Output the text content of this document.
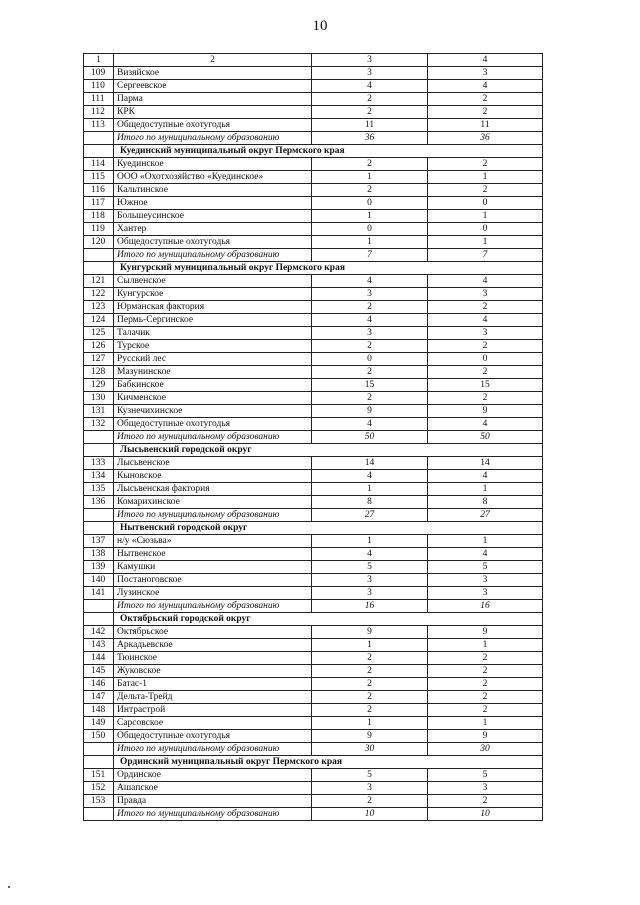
10
1	2	3	4
109	Визяйское	3	3
110	Сергеевское	4	4
111	Парма	2	2
112	КРК	2	2
113	Общедоступные охотугодья	11	11
	Итого по муниципальному образованию	36	36
	Куединский муниципальный округ Пермского края		
114	Куединское	2	2
115	ООО «Охотхозяйство «Куединское»	1	1
116	Кальтинское	2	2
117	Южное	0	0
118	Большеусинское	1	1
119	Хантер	0	0
120	Общедоступные охотугодья	1	1
	Итого по муниципальному образованию	7	7
	Кунгурский муниципальный округ Пермского края		
121	Сылвенское	4	4
122	Кунгурское	3	3
123	Юрманская фактория	2	2
124	Пермь-Сергинское	4	4
125	Талачик	3	3
126	Турское	2	2
127	Русский лес	0	0
128	Мазунинское	2	2
129	Бабкинское	15	15
130	Кичменское	2	2
131	Кузнечихинское	9	9
132	Общедоступные охотугодья	4	4
	Итого по муниципальному образованию	50	50
	Лысьвенский городской округ		
133	Лысьвенское	14	14
134	Кыновское	4	4
135	Лысьвенская фактория	1	1
136	Комарихинское	8	8
	Итого по муниципальному образованию	27	27
	Нытвенский городской округ		
137	н/у «Сюзьва»	1	1
138	Нытвенское	4	4
139	Камушки	5	5
140	Постаноговское	3	3
141	Лузинское	3	3
	Итого по муниципальному образованию	16	16
	Октябрьский городской округ		
142	Октябрьское	9	9
143	Аркадьевское	1	1
144	Тюинское	2	2
145	Жуковское	2	2
146	Батас-1	2	2
147	Дельта-Трейд	2	2
148	Интрастрой	2	2
149	Сарсовское	1	1
150	Общедоступные охотугодья	9	9
	Итого по муниципальному образованию	30	30
	Ординский муниципальный округ Пермского края		
151	Ординское	5	5
152	Ашапское	3	3
153	Правда	2	2
	Итого по муниципальному образованию	10	10
